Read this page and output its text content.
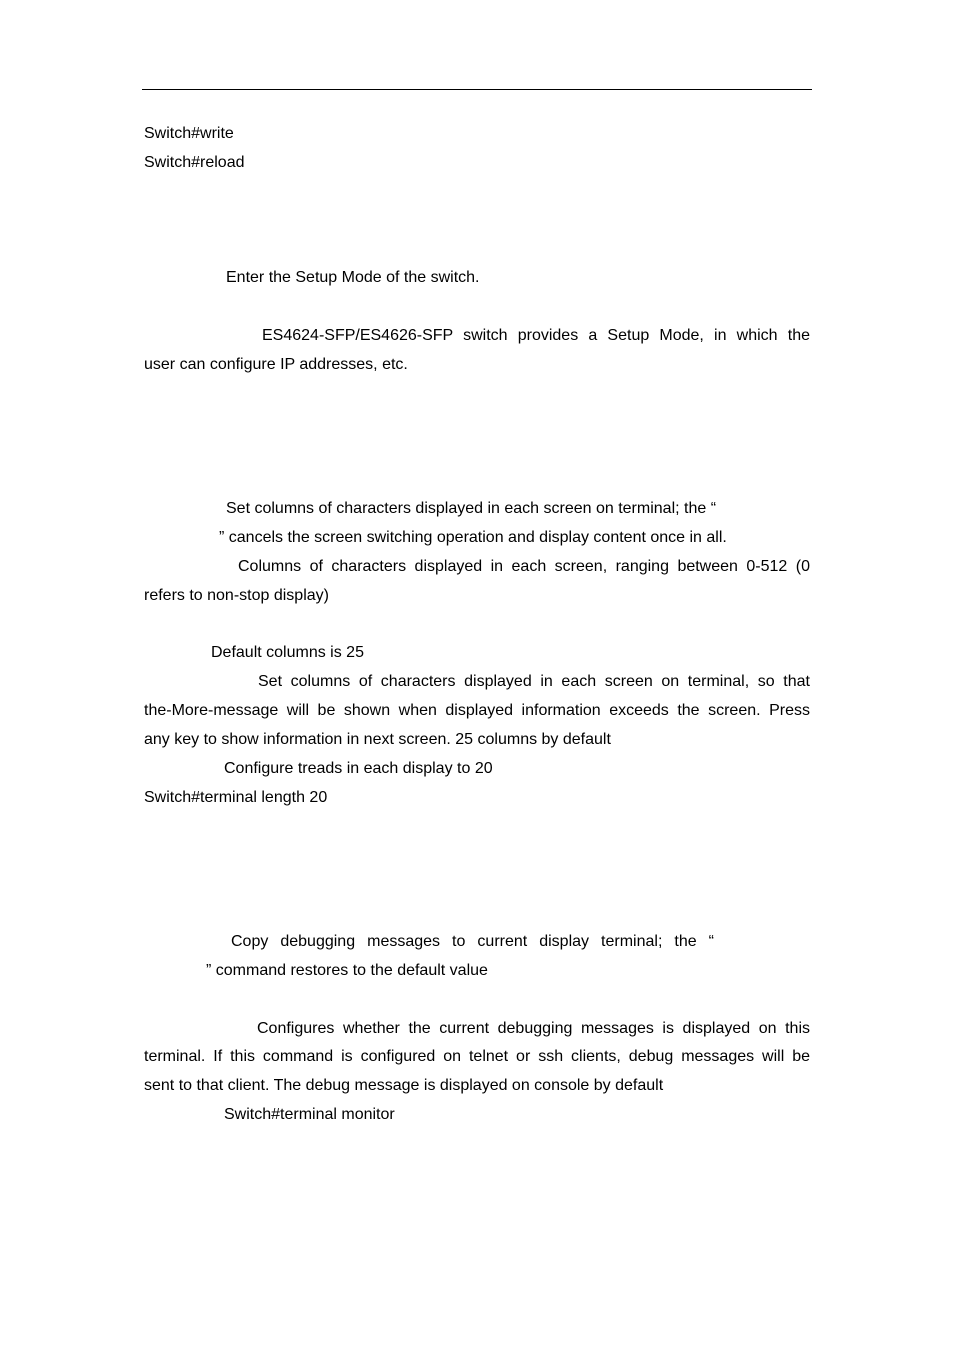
Switch#write
Switch#reload
Enter the Setup Mode of the switch.
ES4624-SFP/ES4626-SFP switch provides a Setup Mode, in which the
user can configure IP addresses, etc.
Set columns of characters displayed in each screen on terminal; the “
” cancels the screen switching operation and display content once in all.
Columns of characters displayed in each screen, ranging between 0-512 (0
refers to non-stop display)
Default columns is 25
Set columns of characters displayed in each screen on terminal, so that
the-More-message will be shown when displayed information exceeds the screen. Press
any key to show information in next screen. 25 columns by default
Configure treads in each display to 20
Switch#terminal length 20
Copy debugging messages to current display terminal; the “
” command restores to the default value
Configures whether the current debugging messages is displayed on this
terminal. If this command is configured on telnet or ssh clients, debug messages will be
sent to that client. The debug message is displayed on console by default
Switch#terminal monitor
